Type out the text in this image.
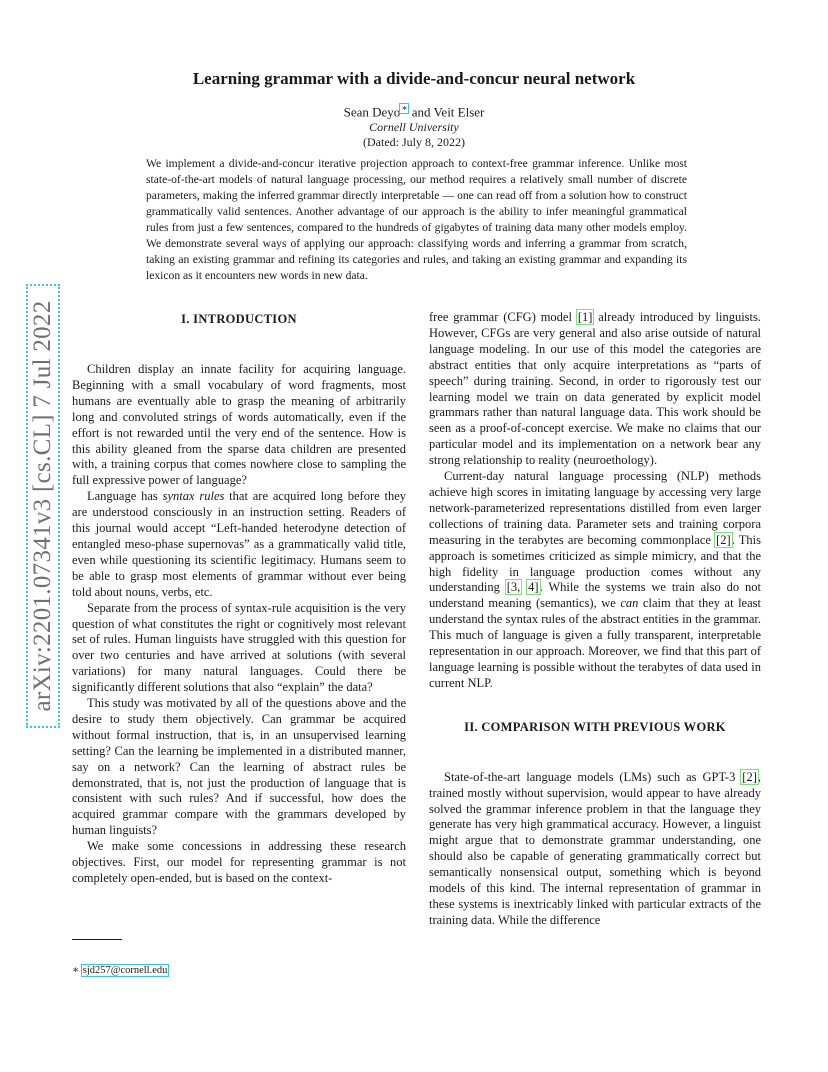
arXiv:2201.07341v3 [cs.CL] 7 Jul 2022
Learning grammar with a divide-and-concur neural network
Sean Deyo∗ and Veit Elser
Cornell University
(Dated: July 8, 2022)
We implement a divide-and-concur iterative projection approach to context-free grammar inference. Unlike most state-of-the-art models of natural language processing, our method requires a relatively small number of discrete parameters, making the inferred grammar directly interpretable — one can read off from a solution how to construct grammatically valid sentences. Another advantage of our approach is the ability to infer meaningful grammatical rules from just a few sentences, compared to the hundreds of gigabytes of training data many other models employ. We demonstrate several ways of applying our approach: classifying words and inferring a grammar from scratch, taking an existing grammar and refining its categories and rules, and taking an existing grammar and expanding its lexicon as it encounters new words in new data.
I. INTRODUCTION

Children display an innate facility for acquiring language. Beginning with a small vocabulary of word fragments, most humans are eventually able to grasp the meaning of arbitrarily long and convoluted strings of words automatically, even if the effort is not rewarded until the very end of the sentence. How is this ability gleaned from the sparse data children are presented with, a training corpus that comes nowhere close to sampling the full expressive power of language?

Language has syntax rules that are acquired long before they are understood consciously in an instruction setting. Readers of this journal would accept “Left-handed heterodyne detection of entangled meso-phase supernovas” as a grammatically valid title, even while questioning its scientific legitimacy. Humans seem to be able to grasp most elements of grammar without ever being told about nouns, verbs, etc.

Separate from the process of syntax-rule acquisition is the very question of what constitutes the right or cognitively most relevant set of rules. Human linguists have struggled with this question for over two centuries and have arrived at solutions (with several variations) for many natural languages. Could there be significantly different solutions that also “explain” the data?

This study was motivated by all of the questions above and the desire to study them objectively. Can grammar be acquired without formal instruction, that is, in an unsupervised learning setting? Can the learning be implemented in a distributed manner, say on a network? Can the learning of abstract rules be demonstrated, that is, not just the production of language that is consistent with such rules? And if successful, how does the acquired grammar compare with the grammars developed by human linguists?

We make some concessions in addressing these research objectives. First, our model for representing grammar is not completely open-ended, but is based on the context-

free grammar (CFG) model [1] already introduced by linguists. However, CFGs are very general and also arise outside of natural language modeling. In our use of this model the categories are abstract entities that only acquire interpretations as “parts of speech” during training. Second, in order to rigorously test our learning model we train on data generated by explicit model grammars rather than natural language data. This work should be seen as a proof-of-concept exercise. We make no claims that our particular model and its implementation on a network bear any strong relationship to reality (neuroethology).

Current-day natural language processing (NLP) methods achieve high scores in imitating language by accessing very large network-parameterized representations distilled from even larger collections of training data. Parameter sets and training corpora measuring in the terabytes are becoming commonplace [2]. This approach is sometimes criticized as simple mimicry, and that the high fidelity in language production comes without any understanding [3, 4]. While the systems we train also do not understand meaning (semantics), we can claim that they at least understand the syntax rules of the abstract entities in the grammar. This much of language is given a fully transparent, interpretable representation in our approach. Moreover, we find that this part of language learning is possible without the terabytes of data used in current NLP.

II. COMPARISON WITH PREVIOUS WORK

State-of-the-art language models (LMs) such as GPT-3 [2], trained mostly without supervision, would appear to have already solved the grammar inference problem in that the language they generate has very high grammatical accuracy. However, a linguist might argue that to demonstrate grammar understanding, one should also be capable of generating grammatically correct but semantically nonsensical output, something which is beyond models of this kind. The internal representation of grammar in these systems is inextricably linked with particular extracts of the training data. While the difference

∗ sjd257@cornell.edu
